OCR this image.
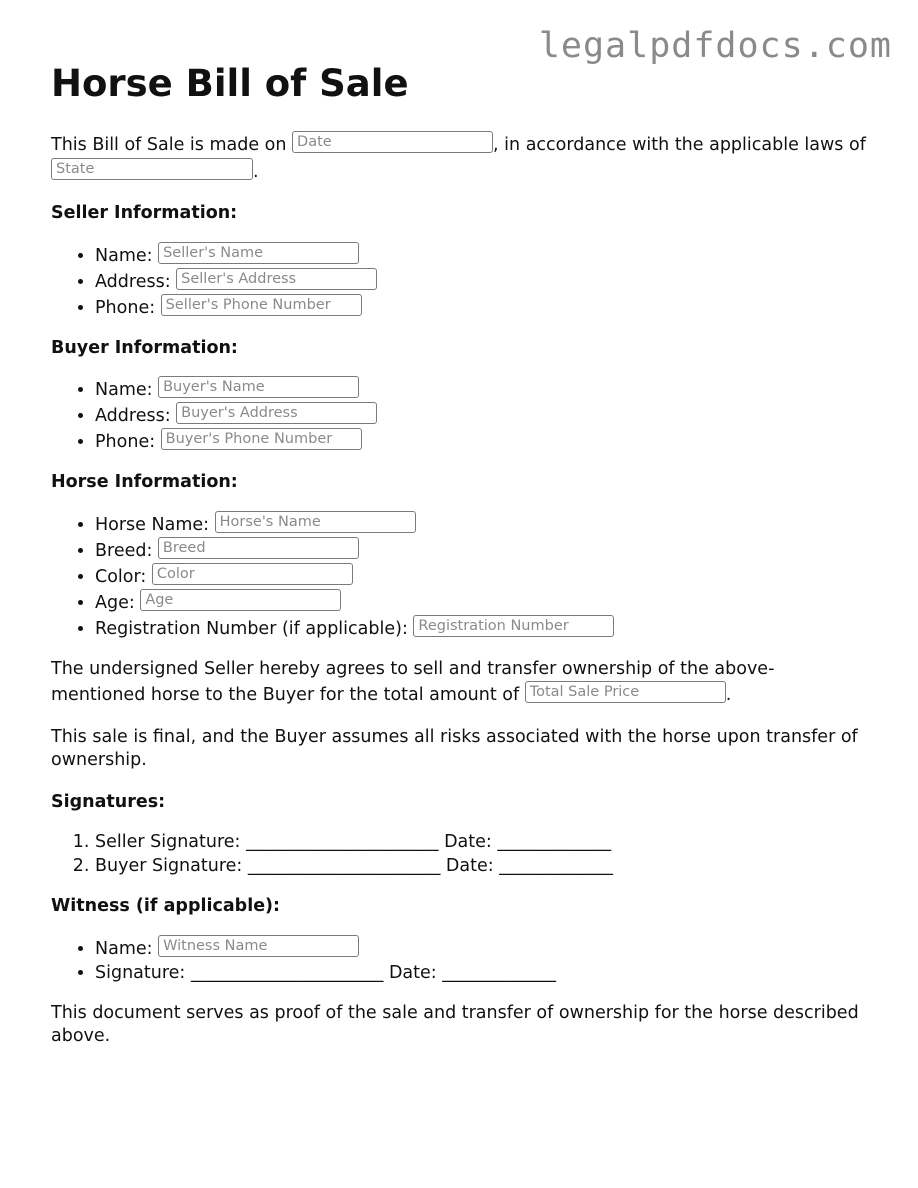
legalpdfdocs.com
Horse Bill of Sale

This Bill of Sale is made on Date	, in accordance with the applicable laws of State	.

Seller Information:
• Name: Seller's Name
• Address: Seller's Address
• Phone: Seller's Phone Number
Buyer Information:
• Name: Buyer's Name
• Address: Buyer's Address
• Phone: Buyer's Phone Number
Horse Information:
• Horse Name: Horse's Name
• Breed: Breed
• Color: Color
• Age: Age
• Registration Number (if applicable): Registration Number

The undersigned Seller hereby agrees to sell and transfer ownership of the above-mentioned horse to the Buyer for the total amount of Total Sale Price	.

This sale is final, and the Buyer assumes all risks associated with the horse upon transfer of ownership.

Signatures:
1. Seller Signature: ______________________ Date: _____________
2. Buyer Signature: ______________________ Date: _____________
Witness (if applicable):
• Name: Witness Name
• Signature: ______________________ Date: _____________

This document serves as proof of the sale and transfer of ownership for the horse described above.
